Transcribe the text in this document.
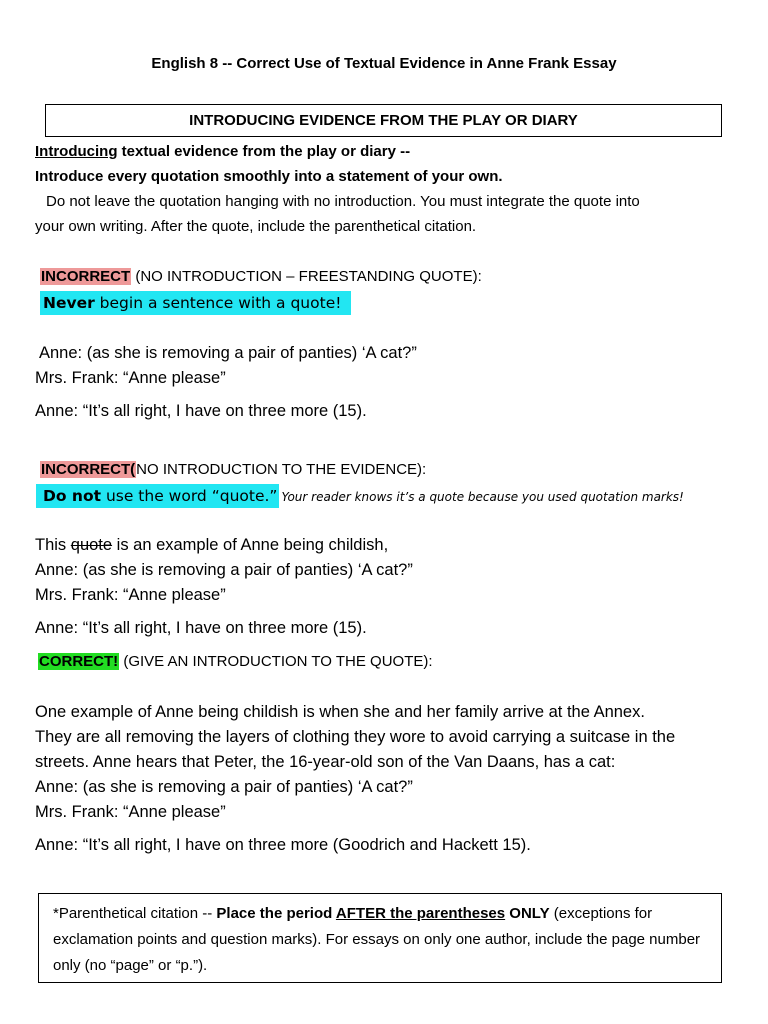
English 8 -- Correct Use of Textual Evidence in Anne Frank Essay
INTRODUCING EVIDENCE FROM THE PLAY OR DIARY
Introducing textual evidence from the play or diary --
Introduce every quotation smoothly into a statement of your own.
Do not leave the quotation hanging with no introduction. You must integrate the quote into
your own writing. After the quote, include the parenthetical citation.
INCORRECT (NO INTRODUCTION – FREESTANDING QUOTE):
Never begin a sentence with a quote!
Anne: (as she is removing a pair of panties) ‘A cat?”
Mrs. Frank: “Anne please”
Anne: “It’s all right, I have on three more (15).
INCORRECT(NO INTRODUCTION TO THE EVIDENCE):
Do not use the word “quote.” Your reader knows it’s a quote because you used quotation marks!
This quote is an example of Anne being childish,
Anne: (as she is removing a pair of panties) ‘A cat?”
Mrs. Frank: “Anne please”
Anne: “It’s all right, I have on three more (15).
CORRECT! (GIVE AN INTRODUCTION TO THE QUOTE):
One example of Anne being childish is when she and her family arrive at the Annex.
They are all removing the layers of clothing they wore to avoid carrying a suitcase in the
streets. Anne hears that Peter, the 16-year-old son of the Van Daans, has a cat:
Anne: (as she is removing a pair of panties) ‘A cat?”
Mrs. Frank: “Anne please”
Anne: “It’s all right, I have on three more (Goodrich and Hackett 15).
*Parenthetical citation -- Place the period AFTER the parentheses ONLY (exceptions for exclamation points and question marks). For essays on only one author, include the page number only (no “page” or “p.”).
